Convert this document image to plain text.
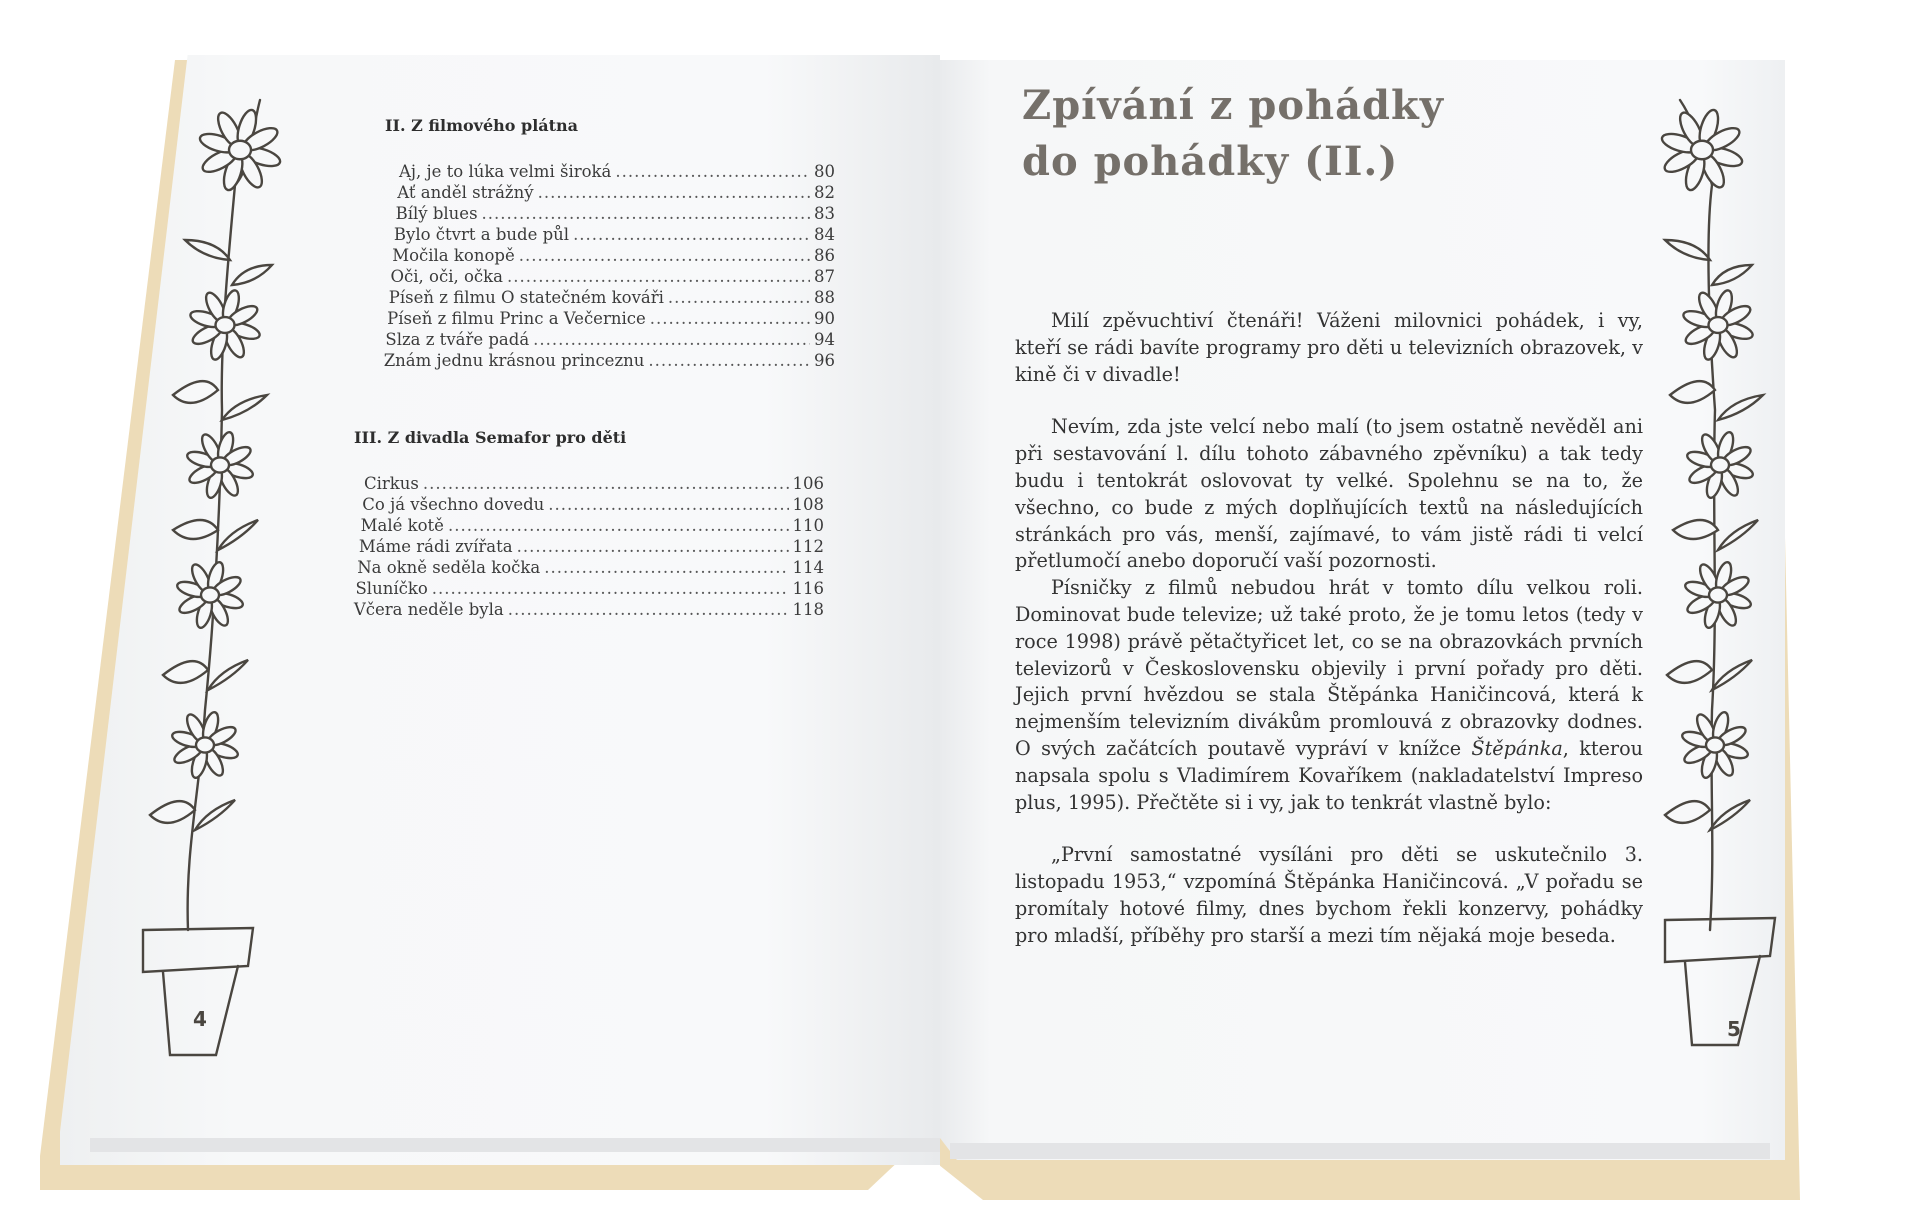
II. Z filmového plátna
Aj, je to lúka velmi široká .....	80
Ať anděl strážný .....	82
Bílý blues .....	83
Bylo čtvrt a bude půl .....	84
Močila konopě .....	86
Oči, oči, očka .....	87
Píseň z filmu O statečném kováři .....	88
Píseň z filmu Princ a Večernice .....	90
Slza z tváře padá .....	94
Znám jednu krásnou princeznu .....	96
III. Z divadla Semafor pro děti
Cirkus .....	106
Co já všechno dovedu .....	108
Malé kotě .....	110
Máme rádi zvířata .....	112
Na okně seděla kočka .....	114
Sluníčko .....	116
Včera neděle byla .....	118
Zpívání z pohádky
do pohádky (II.)

Milí zpěvuchtiví čtenáři! Váženi milovnici pohádek, i vy, kteří se rádi bavíte programy pro děti u televizních obrazovek, v kině či v divadle!

Nevím, zda jste velcí nebo malí (to jsem ostatně nevěděl ani při sestavování l. dílu tohoto zábavného zpěvníku) a tak tedy budu i tentokrát oslovovat ty velké. Spolehnu se na to, že všechno, co bude z mých doplňujících textů na následujících stránkách pro vás, menší, zajímavé, to vám jistě rádi ti velcí přetlumočí anebo doporučí vaší pozornosti.

Písničky z filmů nebudou hrát v tomto dílu velkou roli. Dominovat bude televize; už také proto, že je tomu letos (tedy v roce 1998) právě pětačtyřicet let, co se na obrazovkách prvních televizorů v Československu objevily i první pořady pro děti. Jejich první hvězdou se stala Štěpánka Haničincová, která k nejmenším televizním divákům promlouvá z obrazovky dodnes. O svých začátcích poutavě vypráví v knížce Štěpánka, kterou napsala spolu s Vladimírem Kovaříkem (nakladatelství Impreso plus, 1995). Přečtěte si i vy, jak to tenkrát vlastně bylo:

„První samostatné vysíláni pro děti se uskutečnilo 3. listopadu 1953,“ vzpomíná Štěpánka Haničincová. „V pořadu se promítaly hotové filmy, dnes bychom řekli konzervy, pohádky pro mladší, příběhy pro starší a mezi tím nějaká moje beseda.

4	5
